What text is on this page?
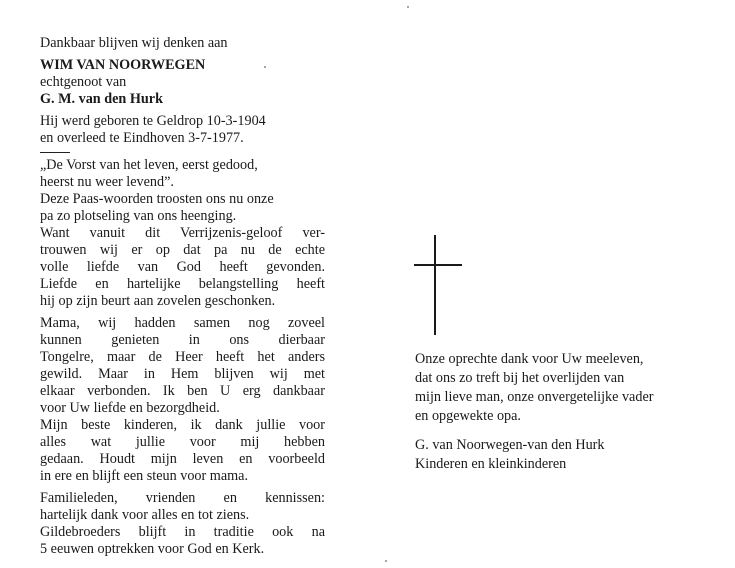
Dankbaar blijven wij denken aan
WIM VAN NOORWEGEN
echtgenoot van
G. M. van den Hurk
Hij werd geboren te Geldrop 10-3-1904
en overleed te Eindhoven 3-7-1977.
„De Vorst van het leven, eerst gedood,
heerst nu weer levend”.
Deze Paas-woorden troosten ons nu onze
pa zo plotseling van ons heenging.
Want vanuit dit Verrijzenis-geloof ver-
trouwen wij er op dat pa nu de echte
volle liefde van God heeft gevonden.
Liefde en hartelijke belangstelling heeft
hij op zijn beurt aan zovelen geschonken.
Mama, wij hadden samen nog zoveel
kunnen genieten in ons dierbaar
Tongelre, maar de Heer heeft het anders
gewild. Maar in Hem blijven wij met
elkaar verbonden. Ik ben U erg dankbaar
voor Uw liefde en bezorgdheid.
Mijn beste kinderen, ik dank jullie voor
alles wat jullie voor mij hebben
gedaan. Houdt mijn leven en voorbeeld
in ere en blijft een steun voor mama.
Familieleden, vrienden en kennissen:
hartelijk dank voor alles en tot ziens.
Gildebroeders blijft in traditie ook na
5 eeuwen optrekken voor God en Kerk.
Onze oprechte dank voor Uw meeleven,
dat ons zo treft bij het overlijden van
mijn lieve man, onze onvergetelijke vader
en opgewekte opa.
G. van Noorwegen-van den Hurk
Kinderen en kleinkinderen
